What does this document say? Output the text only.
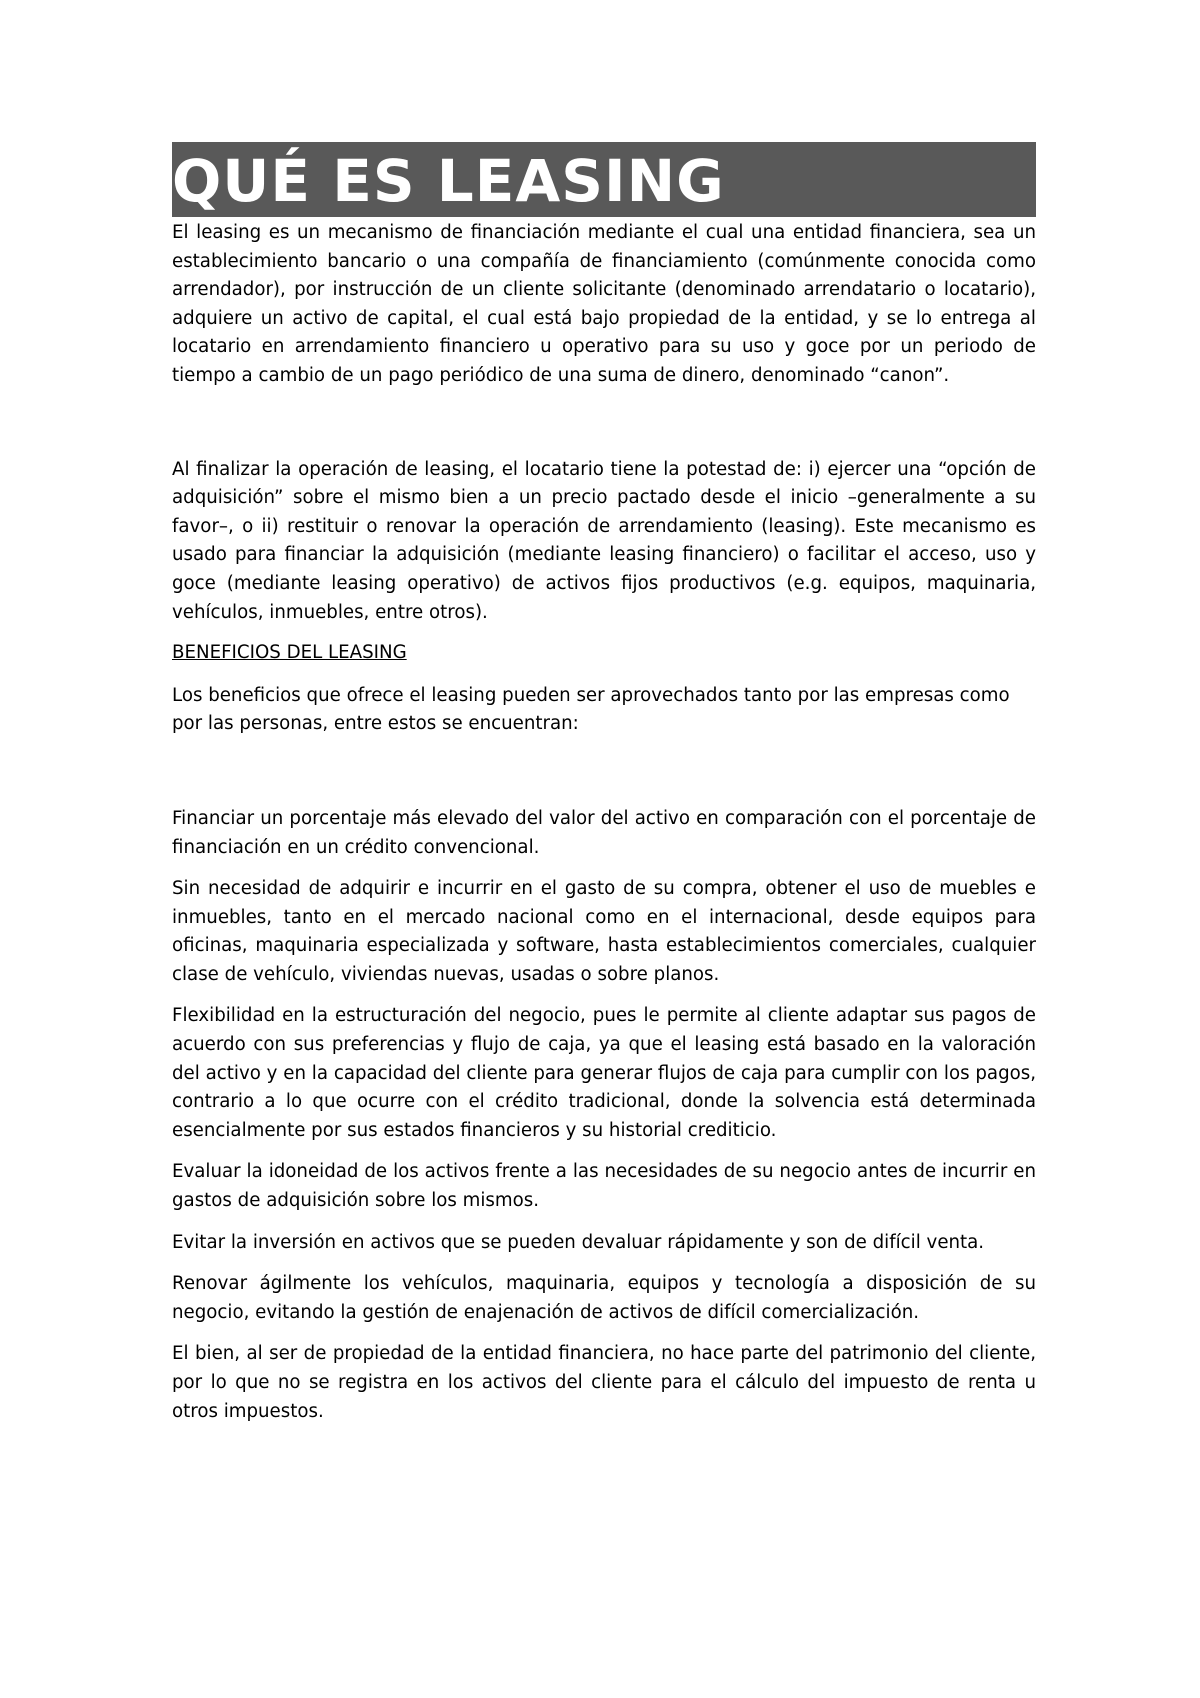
QUÉ ES LEASING

El leasing es un mecanismo de financiación mediante el cual una entidad financiera, sea un establecimiento bancario o una compañía de financiamiento (comúnmente conocida como arrendador), por instrucción de un cliente solicitante (denominado arrendatario o locatario), adquiere un activo de capital, el cual está bajo propiedad de la entidad, y se lo entrega al locatario en arrendamiento financiero u operativo para su uso y goce por un periodo de tiempo a cambio de un pago periódico de una suma de dinero, denominado “canon”.

Al finalizar la operación de leasing, el locatario tiene la potestad de: i) ejercer una “opción de adquisición” sobre el mismo bien a un precio pactado desde el inicio –generalmente a su favor–, o ii) restituir o renovar la operación de arrendamiento (leasing). Este mecanismo es usado para financiar la adquisición (mediante leasing financiero) o facilitar el acceso, uso y goce (mediante leasing operativo) de activos fijos productivos (e.g. equipos, maquinaria, vehículos, inmuebles, entre otros).

BENEFICIOS DEL LEASING

Los beneficios que ofrece el leasing pueden ser aprovechados tanto por las empresas como por las personas, entre estos se encuentran:

Financiar un porcentaje más elevado del valor del activo en comparación con el porcentaje de financiación en un crédito convencional.

Sin necesidad de adquirir e incurrir en el gasto de su compra, obtener el uso de muebles e inmuebles, tanto en el mercado nacional como en el internacional, desde equipos para oficinas, maquinaria especializada y software, hasta establecimientos comerciales, cualquier clase de vehículo, viviendas nuevas, usadas o sobre planos.

Flexibilidad en la estructuración del negocio, pues le permite al cliente adaptar sus pagos de acuerdo con sus preferencias y flujo de caja, ya que el leasing está basado en la valoración del activo y en la capacidad del cliente para generar flujos de caja para cumplir con los pagos, contrario a lo que ocurre con el crédito tradicional, donde la solvencia está determinada esencialmente por sus estados financieros y su historial crediticio.

Evaluar la idoneidad de los activos frente a las necesidades de su negocio antes de incurrir en gastos de adquisición sobre los mismos.

Evitar la inversión en activos que se pueden devaluar rápidamente y son de difícil venta.

Renovar ágilmente los vehículos, maquinaria, equipos y tecnología a disposición de su negocio, evitando la gestión de enajenación de activos de difícil comercialización.

El bien, al ser de propiedad de la entidad financiera, no hace parte del patrimonio del cliente, por lo que no se registra en los activos del cliente para el cálculo del impuesto de renta u otros impuestos.
